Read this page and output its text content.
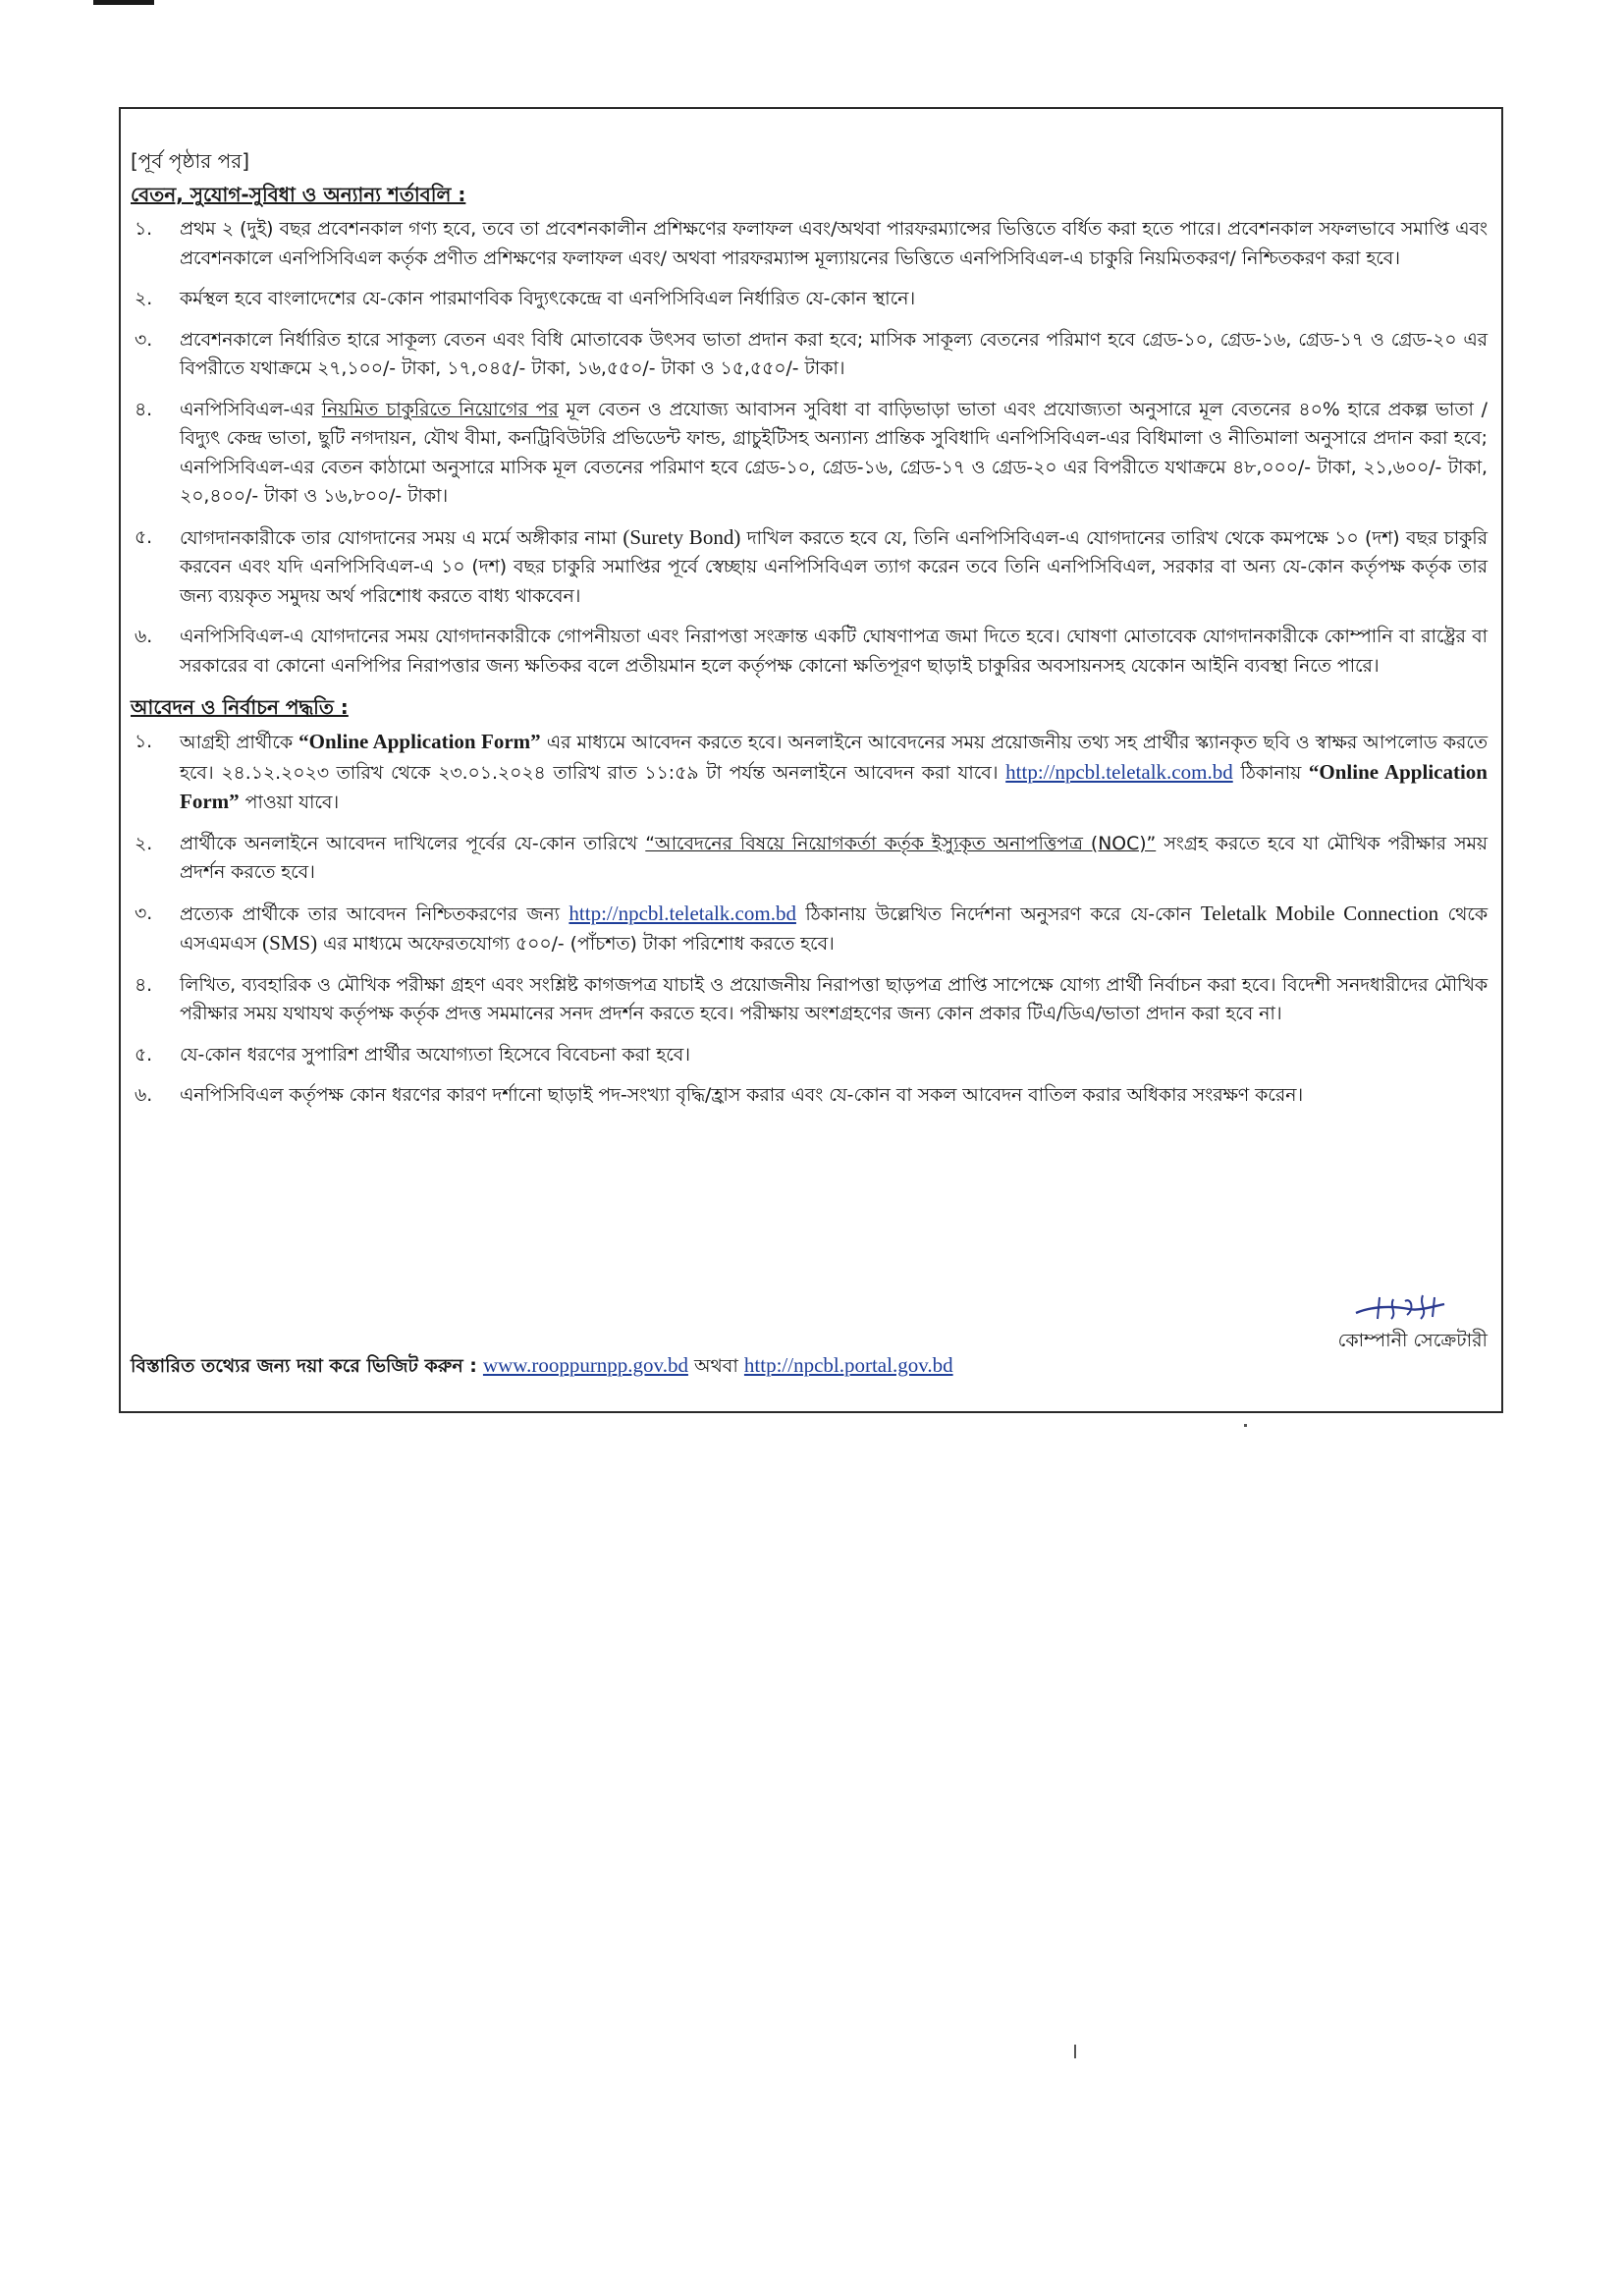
[পূর্ব পৃষ্ঠার পর]
বেতন, সুযোগ-সুবিধা ও অন্যান্য শর্তাবলি :
১.	প্রথম ২ (দুই) বছর প্রবেশনকাল গণ্য হবে, তবে তা প্রবেশনকালীন প্রশিক্ষণের ফলাফল এবং/অথবা পারফরম্যান্সের ভিত্তিতে বর্ধিত করা হতে পারে। প্রবেশনকাল সফলভাবে সমাপ্তি এবং প্রবেশনকালে এনপিসিবিএল কর্তৃক প্রণীত প্রশিক্ষণের ফলাফল এবং/ অথবা পারফরম্যান্স মূল্যায়নের ভিত্তিতে এনপিসিবিএল-এ চাকুরি নিয়মিতকরণ/ নিশ্চিতকরণ করা হবে।
২.	কর্মস্থল হবে বাংলাদেশের যে-কোন পারমাণবিক বিদ্যুৎকেন্দ্রে বা এনপিসিবিএল নির্ধারিত যে-কোন স্থানে।
৩.	প্রবেশনকালে নির্ধারিত হারে সাকূল্য বেতন এবং বিধি মোতাবেক উৎসব ভাতা প্রদান করা হবে; মাসিক সাকূল্য বেতনের পরিমাণ হবে গ্রেড-১০, গ্রেড-১৬, গ্রেড-১৭ ও গ্রেড-২০ এর বিপরীতে যথাক্রমে ২৭,১০০/- টাকা, ১৭,০৪৫/- টাকা, ১৬,৫৫০/- টাকা ও ১৫,৫৫০/- টাকা।
৪.	এনপিসিবিএল-এর নিয়মিত চাকুরিতে নিয়োগের পর মূল বেতন ও প্রযোজ্য আবাসন সুবিধা বা বাড়িভাড়া ভাতা এবং প্রযোজ্যতা অনুসারে মূল বেতনের ৪০% হারে প্রকল্প ভাতা / বিদ্যুৎ কেন্দ্র ভাতা, ছুটি নগদায়ন, যৌথ বীমা, কনট্রিবিউটরি প্রভিডেন্ট ফান্ড, গ্রাচুইটিসহ অন্যান্য প্রান্তিক সুবিধাদি এনপিসিবিএল-এর বিধিমালা ও নীতিমালা অনুসারে প্রদান করা হবে; এনপিসিবিএল-এর বেতন কাঠামো অনুসারে মাসিক মূল বেতনের পরিমাণ হবে গ্রেড-১০, গ্রেড-১৬, গ্রেড-১৭ ও গ্রেড-২০ এর বিপরীতে যথাক্রমে ৪৮,০০০/- টাকা, ২১,৬০০/- টাকা, ২০,৪০০/- টাকা ও ১৬,৮০০/- টাকা।
৫.	যোগদানকারীকে তার যোগদানের সময় এ মর্মে অঙ্গীকার নামা (Surety Bond) দাখিল করতে হবে যে, তিনি এনপিসিবিএল-এ যোগদানের তারিখ থেকে কমপক্ষে ১০ (দশ) বছর চাকুরি করবেন এবং যদি এনপিসিবিএল-এ ১০ (দশ) বছর চাকুরি সমাপ্তির পূর্বে স্বেচ্ছায় এনপিসিবিএল ত্যাগ করেন তবে তিনি এনপিসিবিএল, সরকার বা অন্য যে-কোন কর্তৃপক্ষ কর্তৃক তার জন্য ব্যয়কৃত সমুদয় অর্থ পরিশোধ করতে বাধ্য থাকবেন।
৬.	এনপিসিবিএল-এ যোগদানের সময় যোগদানকারীকে গোপনীয়তা এবং নিরাপত্তা সংক্রান্ত একটি ঘোষণাপত্র জমা দিতে হবে। ঘোষণা মোতাবেক যোগদানকারীকে কোম্পানি বা রাষ্ট্রের বা সরকারের বা কোনো এনপিপির নিরাপত্তার জন্য ক্ষতিকর বলে প্রতীয়মান হলে কর্তৃপক্ষ কোনো ক্ষতিপূরণ ছাড়াই চাকুরির অবসায়নসহ যেকোন আইনি ব্যবস্থা নিতে পারে।
আবেদন ও নির্বাচন পদ্ধতি :
১.	আগ্রহী প্রার্থীকে “Online Application Form” এর মাধ্যমে আবেদন করতে হবে। অনলাইনে আবেদনের সময় প্রয়োজনীয় তথ্য সহ প্রার্থীর স্ক্যানকৃত ছবি ও স্বাক্ষর আপলোড করতে হবে। ২৪.১২.২০২৩ তারিখ থেকে ২৩.০১.২০২৪ তারিখ রাত ১১:৫৯ টা পর্যন্ত অনলাইনে আবেদন করা যাবে। http://npcbl.teletalk.com.bd ঠিকানায় “Online Application Form” পাওয়া যাবে।
২.	প্রার্থীকে অনলাইনে আবেদন দাখিলের পূর্বের যে-কোন তারিখে “আবেদনের বিষয়ে নিয়োগকর্তা কর্তৃক ইস্যুকৃত অনাপত্তিপত্র (NOC)” সংগ্রহ করতে হবে যা মৌখিক পরীক্ষার সময় প্রদর্শন করতে হবে।
৩.	প্রত্যেক প্রার্থীকে তার আবেদন নিশ্চিতকরণের জন্য http://npcbl.teletalk.com.bd ঠিকানায় উল্লেখিত নির্দেশনা অনুসরণ করে যে-কোন Teletalk Mobile Connection থেকে এসএমএস (SMS) এর মাধ্যমে অফেরতযোগ্য ৫০০/- (পাঁচশত) টাকা পরিশোধ করতে হবে।
৪.	লিখিত, ব্যবহারিক ও মৌখিক পরীক্ষা গ্রহণ এবং সংশ্লিষ্ট কাগজপত্র যাচাই ও প্রয়োজনীয় নিরাপত্তা ছাড়পত্র প্রাপ্তি সাপেক্ষে যোগ্য প্রার্থী নির্বাচন করা হবে। বিদেশী সনদধারীদের মৌখিক পরীক্ষার সময় যথাযথ কর্তৃপক্ষ কর্তৃক প্রদত্ত সমমানের সনদ প্রদর্শন করতে হবে। পরীক্ষায় অংশগ্রহণের জন্য কোন প্রকার টিএ/ডিএ/ভাতা প্রদান করা হবে না।
৫.	যে-কোন ধরণের সুপারিশ প্রার্থীর অযোগ্যতা হিসেবে বিবেচনা করা হবে।
৬.	এনপিসিবিএল কর্তৃপক্ষ কোন ধরণের কারণ দর্শানো ছাড়াই পদ-সংখ্যা বৃদ্ধি/হ্রাস করার এবং যে-কোন বা সকল আবেদন বাতিল করার অধিকার সংরক্ষণ করেন।
কোম্পানী সেক্রেটারী
বিস্তারিত তথ্যের জন্য দয়া করে ভিজিট করুন : www.rooppurnpp.gov.bd অথবা http://npcbl.portal.gov.bd
